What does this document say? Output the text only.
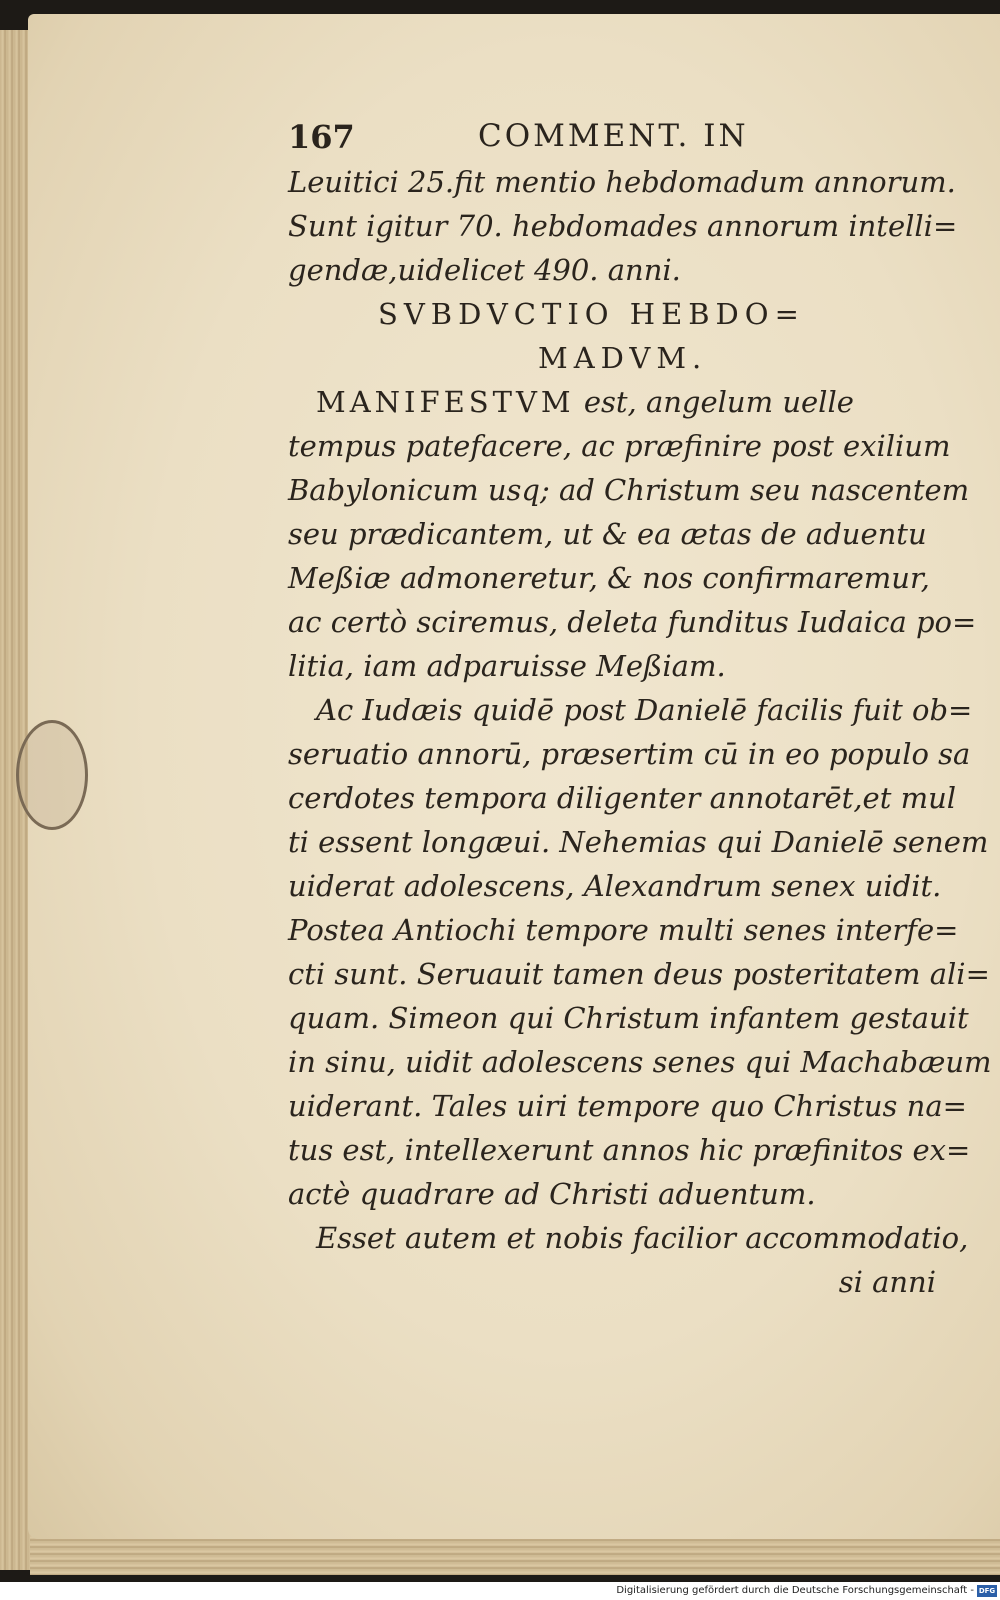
167	COMMENT. IN
Leuitici 25.fit mentio hebdomadum annorum.
Sunt igitur 70. hebdomades annorum intelli=
gendæ,uidelicet 490. anni.
SVBDVCTIO HEBDO=
MADVM.
MANIFESTVM est, angelum uelle
tempus patefacere, ac præfinire post exilium
Babylonicum usq; ad Christum seu nascentem
seu prædicantem, ut & ea ætas de aduentu
Meßiæ admoneretur, & nos confirmaremur,
ac certò sciremus, deleta funditus Iudaica po=
litia, iam adparuisse Meßiam.
Ac Iudæis quidē post Danielē facilis fuit ob=
seruatio annorū, præsertim cū in eo populo sa
cerdotes tempora diligenter annotarēt,et mul
ti essent longæui. Nehemias qui Danielē senem
uiderat adolescens, Alexandrum senex uidit.
Postea Antiochi tempore multi senes interfe=
cti sunt. Seruauit tamen deus posteritatem ali=
quam. Simeon qui Christum infantem gestauit
in sinu, uidit adolescens senes qui Machabæum
uiderant. Tales uiri tempore quo Christus na=
tus est, intellexerunt annos hic præfinitos ex=
actè quadrare ad Christi aduentum.
Esset autem et nobis facilior accommodatio,
si anni
Digitalisierung gefördert durch die Deutsche Forschungsgemeinschaft - DFG
